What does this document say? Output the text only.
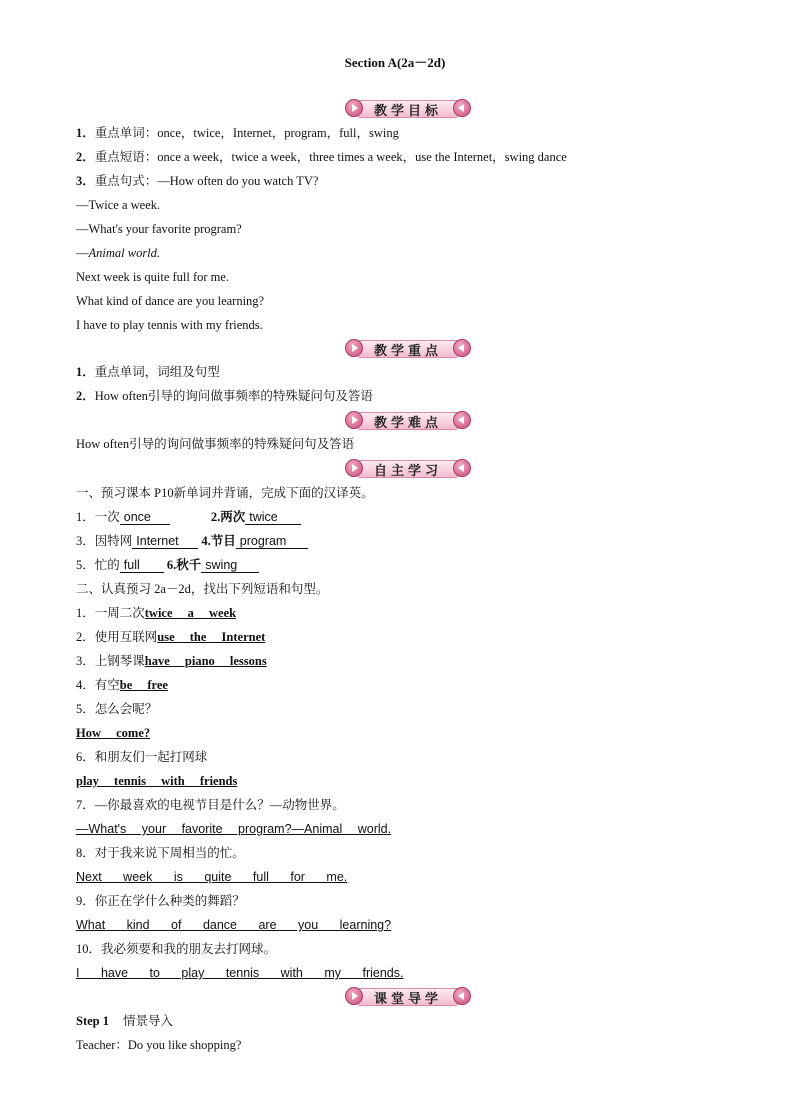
Section A(2a－2d)
教学目标
1．重点单词：once，twice，Internet，program，full，swing
2．重点短语：once a week，twice a week，three times a week，use the Internet，swing dance
3．重点句式：—How often do you watch TV?
—Twice a week.
—What's your favorite program?
—Animal world.
Next week is quite full for me.
What kind of dance are you learning?
I have to play tennis with my friends.
教学重点
1．重点单词，词组及句型
2．How often引导的询问做事频率的特殊疑问句及答语
教学难点
How often引导的询问做事频率的特殊疑问句及答语
自主学习
一、预习课本 P10新单词并背诵，完成下面的汉译英。
1．一次 once	2.两次 twice
3．因特网 Internet 4.节目 program
5．忙的 full 6.秋千 swing
二、认真预习 2a－2d，找出下列短语和句型。
1．一周二次twice a week
2．使用互联网use the Internet
3．上钢琴课have piano lessons
4．有空be free
5．怎么会呢？
How come?
6．和朋友们一起打网球
play tennis with friends
7．—你最喜欢的电视节目是什么？—动物世界。
—What's your favorite program?—Animal world.
8．对于我来说下周相当的忙。
Next week is quite full for me.
9．你正在学什么种类的舞蹈？
What kind of dance are you learning?
10．我必须要和我的朋友去打网球。
I have to play tennis with my friends.
课堂导学
Step 1 情景导入
Teacher：Do you like shopping?
